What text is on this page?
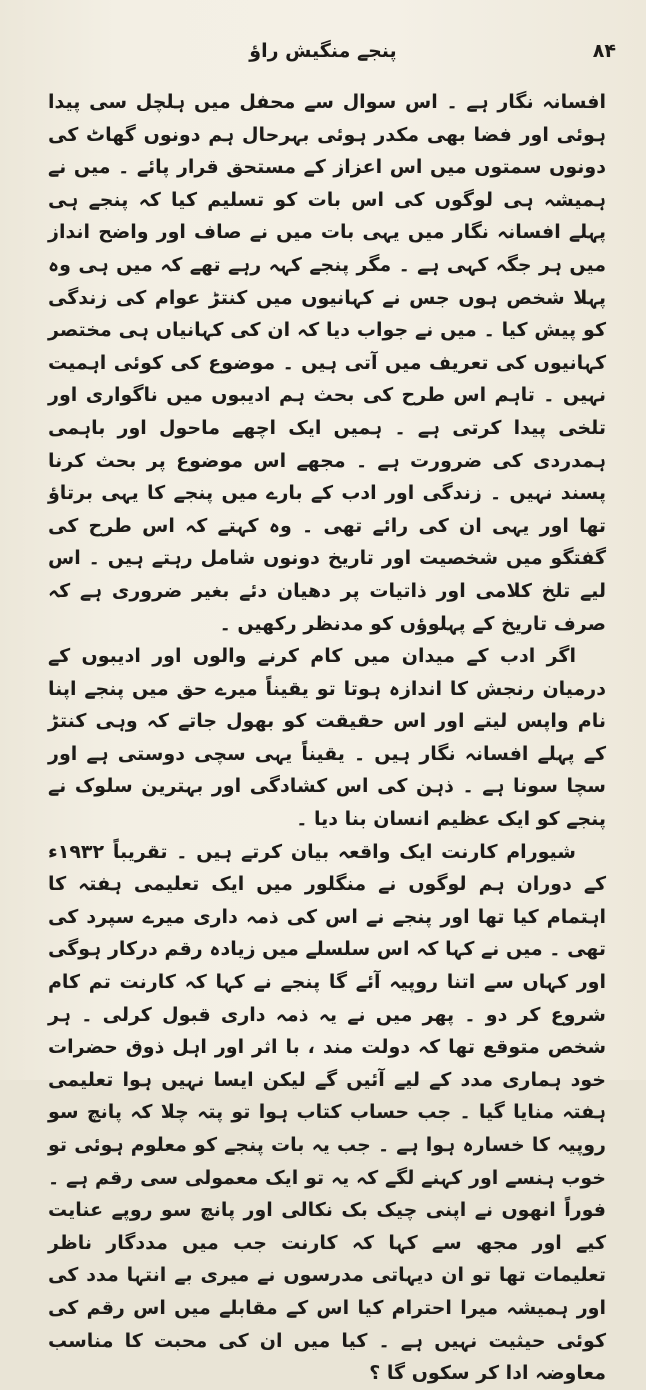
پنجے منگیش راؤ	۸۴

افسانہ نگار ہے ۔ اس سوال سے محفل میں ہلچل سی پیدا ہوئی اور فضا بھی مکدر ہوئی بہرحال ہم دونوں گھاٹ کی دونوں سمتوں میں اس اعزاز کے مستحق قرار پائے ۔ میں نے ہمیشہ ہی لوگوں کی اس بات کو تسلیم کیا کہ پنجے ہی پہلے افسانہ نگار میں یہی بات میں نے صاف اور واضح انداز میں ہر جگہ کہی ہے ۔ مگر پنجے کہہ رہے تھے کہ میں ہی وہ پہلا شخص ہوں جس نے کہانیوں میں کنتڑ عوام کی زندگی کو پیش کیا ۔ میں نے جواب دیا کہ ان کی کہانیاں ہی مختصر کہانیوں کی تعریف میں آتی ہیں ۔ موضوع کی کوئی اہمیت نہیں ۔ تاہم اس طرح کی بحث ہم ادیبوں میں ناگواری اور تلخی پیدا کرتی ہے ۔ ہمیں ایک اچھے ماحول اور باہمی ہمدردی کی ضرورت ہے ۔ مجھے اس موضوع پر بحث کرنا پسند نہیں ۔ زندگی اور ادب کے بارے میں پنجے کا یہی برتاؤ تھا اور یہی ان کی رائے تھی ۔ وہ کہتے کہ اس طرح کی گفتگو میں شخصیت اور تاریخ دونوں شامل رہتے ہیں ۔ اس لیے تلخ کلامی اور ذاتیات پر دھیان دئے بغیر ضروری ہے کہ صرف تاریخ کے پہلوؤں کو مدنظر رکھیں ۔

اگر ادب کے میدان میں کام کرنے والوں اور ادیبوں کے درمیان رنجش کا اندازہ ہوتا تو یقیناً میرے حق میں پنجے اپنا نام واپس لیتے اور اس حقیقت کو بھول جاتے کہ وہی کنتڑ کے پہلے افسانہ نگار ہیں ۔ یقیناً یہی سچی دوستی ہے اور سچا سونا ہے ۔ ذہن کی اس کشادگی اور بہترین سلوک نے پنجے کو ایک عظیم انسان بنا دیا ۔

شیورام کارنت ایک واقعہ بیان کرتے ہیں ۔ تقریباً ۱۹۳۲ء کے دوران ہم لوگوں نے منگلور میں ایک تعلیمی ہفتہ کا اہتمام کیا تھا اور پنجے نے اس کی ذمہ داری میرے سپرد کی تھی ۔ میں نے کہا کہ اس سلسلے میں زیادہ رقم درکار ہوگی اور کہاں سے اتنا روپیہ آئے گا پنجے نے کہا کہ کارنت تم کام شروع کر دو ۔ پھر میں نے یہ ذمہ داری قبول کرلی ۔ ہر شخص متوقع تھا کہ دولت مند ، با اثر اور اہل ذوق حضرات خود ہماری مدد کے لیے آئیں گے لیکن ایسا نہیں ہوا تعلیمی ہفتہ منایا گیا ۔ جب حساب کتاب ہوا تو پتہ چلا کہ پانچ سو روپیہ کا خسارہ ہوا ہے ۔ جب یہ بات پنجے کو معلوم ہوئی تو خوب ہنسے اور کہنے لگے کہ یہ تو ایک معمولی سی رقم ہے ۔ فوراً انھوں نے اپنی چیک بک نکالی اور پانچ سو روپے عنایت کیے اور مجھ سے کہا کہ کارنت جب میں مددگار ناظر تعلیمات تھا تو ان دیہاتی مدرسوں نے میری بے انتہا مدد کی اور ہمیشہ میرا احترام کیا اس کے مقابلے میں اس رقم کی کوئی حیثیت نہیں ہے ۔ کیا میں ان کی محبت کا مناسب معاوضہ ادا کر سکوں گا ؟
